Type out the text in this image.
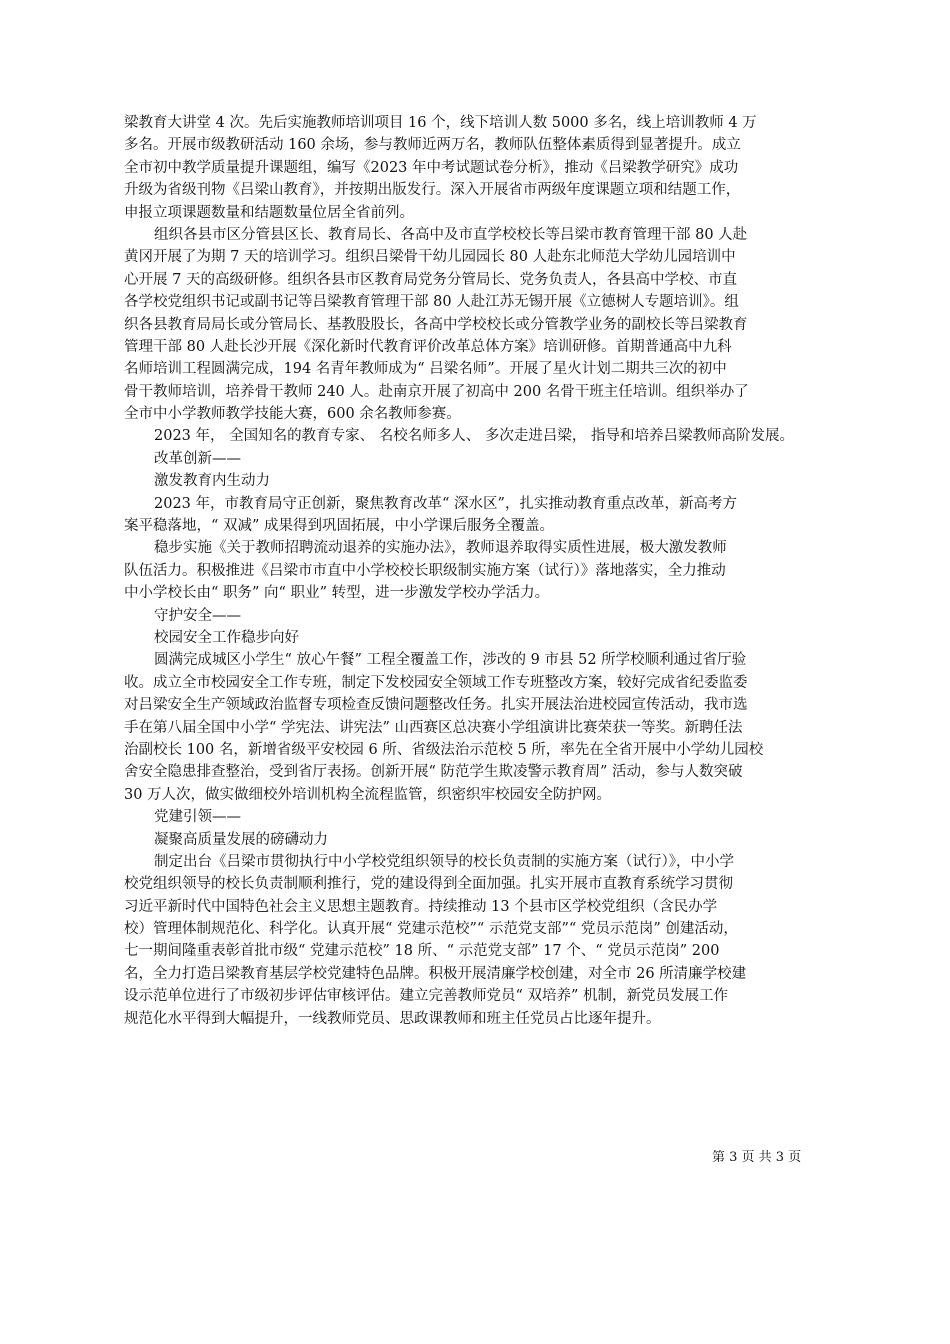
梁教育大讲堂 4 次。先后实施教师培训项目 16 个，线下培训人数 5000 多名，线上培训教师 4 万
多名。开展市级教研活动 160 余场，参与教师近两万名，教师队伍整体素质得到显著提升。成立
全市初中教学质量提升课题组，编写《2023 年中考试题试卷分析》，推动《吕梁教学研究》成功
升级为省级刊物《吕梁山教育》，并按期出版发行。深入开展省市两级年度课题立项和结题工作，
申报立项课题数量和结题数量位居全省前列。

组织各县市区分管县区长、教育局长、各高中及市直学校校长等吕梁市教育管理干部 80 人赴
黄冈开展了为期 7 天的培训学习。组织吕梁骨干幼儿园园长 80 人赴东北师范大学幼儿园培训中
心开展 7 天的高级研修。组织各县市区教育局党务分管局长、党务负责人，各县高中学校、市直
各学校党组织书记或副书记等吕梁教育管理干部 80 人赴江苏无锡开展《立德树人专题培训》。组
织各县教育局局长或分管局长、基教股股长，各高中学校校长或分管教学业务的副校长等吕梁教育
管理干部 80 人赴长沙开展《深化新时代教育评价改革总体方案》培训研修。首期普通高中九科
名师培训工程圆满完成，194 名青年教师成为“ 吕梁名师”。开展了星火计划二期共三次的初中
骨干教师培训，培养骨干教师 240 人。赴南京开展了初高中 200 名骨干班主任培训。组织举办了
全市中小学教师教学技能大赛，600 余名教师参赛。

2023 年， 全国知名的教育专家、 名校名师多人、 多次走进吕梁， 指导和培养吕梁教师高阶发展。

改革创新——
激发教育内生动力

2023 年，市教育局守正创新，聚焦教育改革“ 深水区”，扎实推动教育重点改革，新高考方
案平稳落地，“ 双减” 成果得到巩固拓展，中小学课后服务全覆盖。

稳步实施《关于教师招聘流动退养的实施办法》，教师退养取得实质性进展，极大激发教师
队伍活力。积极推进《吕梁市市直中小学校校长职级制实施方案（试行）》落地落实，全力推动
中小学校长由“ 职务” 向“ 职业” 转型，进一步激发学校办学活力。

守护安全——
校园安全工作稳步向好

圆满完成城区小学生“ 放心午餐” 工程全覆盖工作，涉改的 9 市县 52 所学校顺利通过省厅验
收。成立全市校园安全工作专班，制定下发校园安全领域工作专班整改方案，较好完成省纪委监委
对吕梁安全生产领域政治监督专项检查反馈问题整改任务。扎实开展法治进校园宣传活动，我市选
手在第八届全国中小学“ 学宪法、讲宪法” 山西赛区总决赛小学组演讲比赛荣获一等奖。新聘任法
治副校长 100 名，新增省级平安校园 6 所、省级法治示范校 5 所，率先在全省开展中小学幼儿园校
舍安全隐患排查整治，受到省厅表扬。创新开展“ 防范学生欺凌警示教育周” 活动，参与人数突破
30 万人次，做实做细校外培训机构全流程监管，织密织牢校园安全防护网。

党建引领——
凝聚高质量发展的磅礴动力

制定出台《吕梁市贯彻执行中小学校党组织领导的校长负责制的实施方案（试行）》，中小学
校党组织领导的校长负责制顺利推行，党的建设得到全面加强。扎实开展市直教育系统学习贯彻
习近平新时代中国特色社会主义思想主题教育。持续推动 13 个县市区学校党组织（含民办学
校）管理体制规范化、科学化。认真开展“ 党建示范校”“ 示范党支部”“ 党员示范岗” 创建活动，
七一期间隆重表彰首批市级“ 党建示范校” 18 所、“ 示范党支部” 17 个、“ 党员示范岗” 200
名，全力打造吕梁教育基层学校党建特色品牌。积极开展清廉学校创建，对全市 26 所清廉学校建
设示范单位进行了市级初步评估审核评估。建立完善教师党员“ 双培养” 机制，新党员发展工作
规范化水平得到大幅提升，一线教师党员、思政课教师和班主任党员占比逐年提升。

第 3 页 共 3 页
